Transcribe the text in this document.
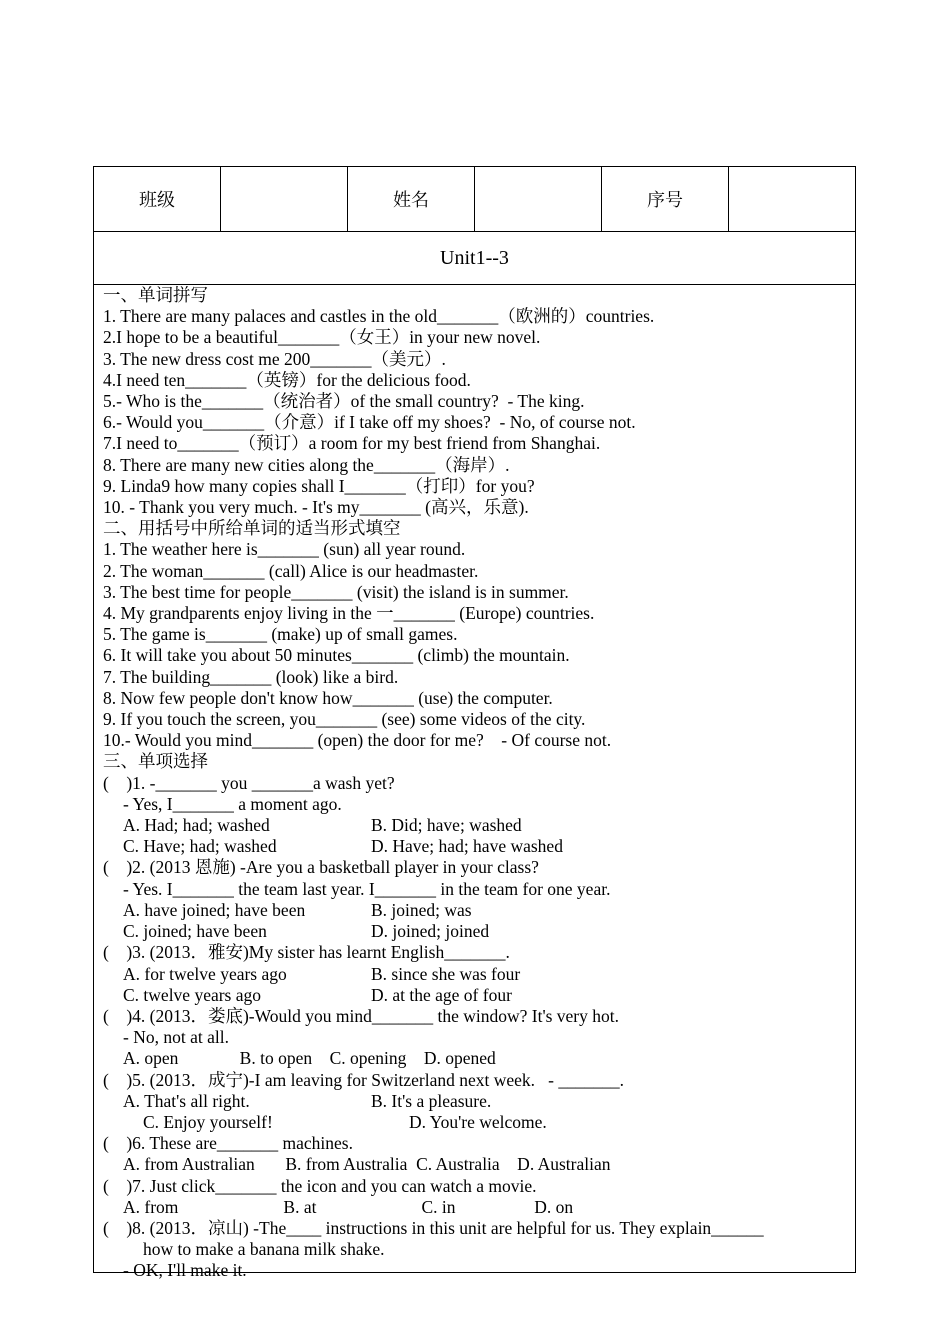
班级	姓名	序号
Unit1--3
一、单词拼写
1. There are many palaces and castles in the old_______（欧洲的）countries.
2.I hope to be a beautiful_______（女王）in your new novel.
3. The new dress cost me 200_______（美元）.
4.I need ten_______（英镑）for the delicious food.
5.- Who is the_______（统治者）of the small country?  - The king.
6.- Would you_______（介意）if I take off my shoes?  - No, of course not.
7.I need to_______（预订）a room for my best friend from Shanghai.
8. There are many new cities along the_______（海岸）.
9. Linda9 how many copies shall I_______（打印）for you?
10. - Thank you very much. - It's my_______ (高兴，乐意).
二、用括号中所给单词的适当形式填空
1. The weather here is_______ (sun) all year round.
2. The woman_______ (call) Alice is our headmaster.
3. The best time for people_______ (visit) the island is in summer.
4. My grandparents enjoy living in the 一_______ (Europe) countries.
5. The game is_______ (make) up of small games.
6. It will take you about 50 minutes_______ (climb) the mountain.
7. The building_______ (look) like a bird.
8. Now few people don't know how_______ (use) the computer.
9. If you touch the screen, you_______ (see) some videos of the city.
10.- Would you mind_______ (open) the door for me?    - Of course not.
三、单项选择
(    )1. -_______ you _______a wash yet?
- Yes, I_______ a moment ago.
A. Had; had; washed	B. Did; have; washed
C. Have; had; washed	D. Have; had; have washed
(    )2. (2013 恩施) -Are you a basketball player in your class?
- Yes. I_______ the team last year. I_______ in the team for one year.
A. have joined; have been	B. joined; was
C. joined; have been	D. joined; joined
(    )3. (2013．雅安)My sister has learnt English_______.
A. for twelve years ago	B. since she was four
C. twelve years ago	D. at the age of four
(    )4. (2013．娄底)-Would you mind_______ the window? It's very hot.
- No, not at all.
A. open              B. to open    C. opening    D. opened
(    )5. (2013．成宁)-I am leaving for Switzerland next week.   - _______.
A. That's all right.	B. It's a pleasure.
C. Enjoy yourself!	D. You're welcome.
(    )6. These are_______ machines.
A. from Australian       B. from Australia  C. Australia    D. Australian
(    )7. Just click_______ the icon and you can watch a movie.
A. from                        B. at                        C. in                  D. on
(    )8. (2013．凉山) -The____ instructions in this unit are helpful for us. They explain______
how to make a banana milk shake.
- OK, I'll make it.
